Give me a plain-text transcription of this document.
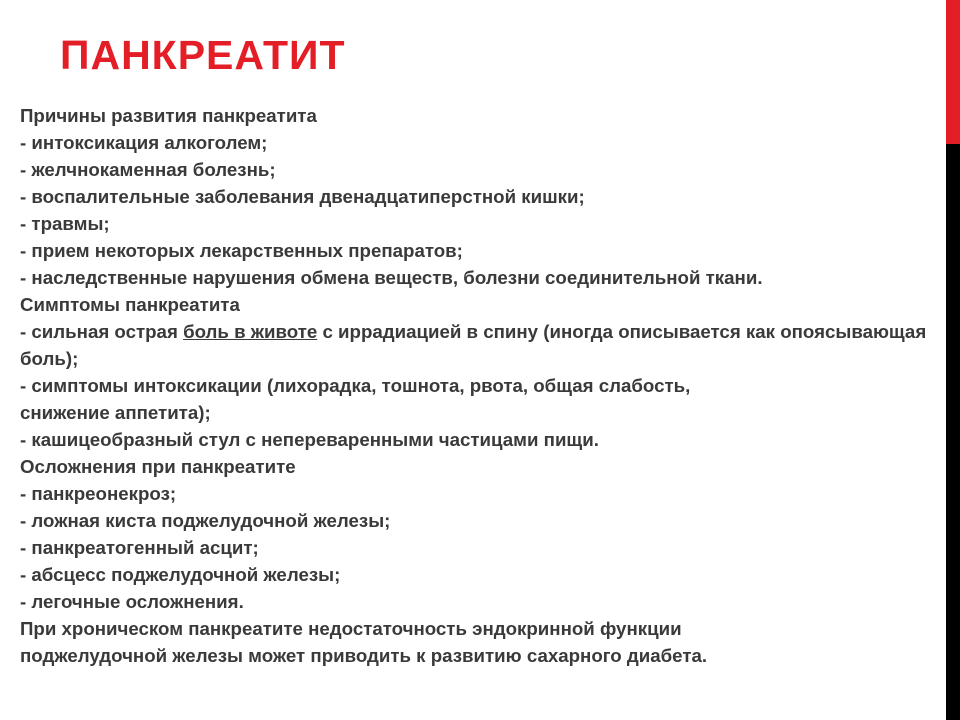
ПАНКРЕАТИТ
Причины развития панкреатита
- интоксикация алкоголем;
- желчнокаменная болезнь;
- воспалительные заболевания двенадцатиперстной кишки;
- травмы;
- прием некоторых лекарственных препаратов;
- наследственные нарушения обмена веществ, болезни соединительной ткани.
Симптомы панкреатита
- сильная острая боль в животе с иррадиацией в спину (иногда описывается как опоясывающая боль);
- симптомы интоксикации (лихорадка, тошнота, рвота, общая слабость,
снижение аппетита);
- кашицеобразный стул с непереваренными частицами пищи.
Осложнения при панкреатите
- панкреонекроз;
- ложная киста поджелудочной железы;
- панкреатогенный асцит;
- абсцесс поджелудочной железы;
- легочные осложнения.
При хроническом панкреатите недостаточность эндокринной функции
поджелудочной железы может приводить к развитию сахарного диабета.
